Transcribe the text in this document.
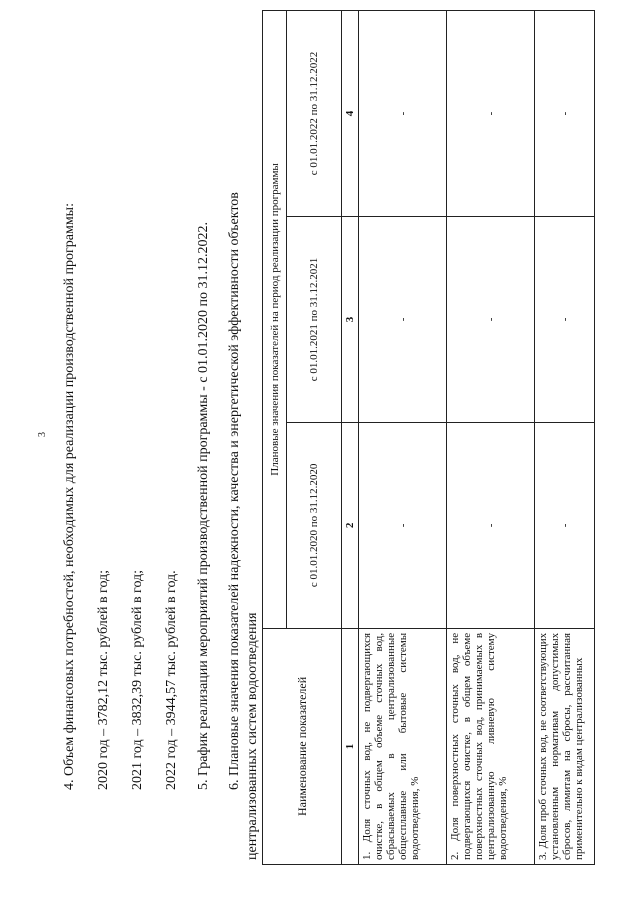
3 4. Объем финансовых потребностей, необходимых для реализации производственной программы: 2020 год – 3782,12 тыс. рублей в год; 2021 год – 3832,39 тыс. рублей в год; 2022 год – 3944,57 тыс. рублей в год. 5. График реализации мероприятий производственной программы - с 01.01.2020 по 31.12.2022. 6. Плановые значения показателей надежности, качества и энергетической эффективности объектов централизованных систем водоотведения	Наименование показателей	Плановые значения показателей на период реализации программы		
	с 01.01.2020 по 31.12.2020	с 01.01.2021 по 31.12.2021	с 01.01.2022 по 31.12.2022
1	2	3	4
1. Доля сточных вод, не подвергающихся очистке, в общем объеме сточных вод, сбрасываемых в централизованные общесплавные или бытовые системы водоотведения, %	-	-	-
2. Доля поверхностных сточных вод, не подвергающихся очистке, в общем объеме поверхностных сточных вод, принимаемых в централизованную ливневую систему водоотведения, %	-	-	-
3. Доля проб сточных вод, не соответствующих установленным нормативам допустимых сбросов, лимитам на сбросы, рассчитанная применительно к видам централизованных	-	-	-
